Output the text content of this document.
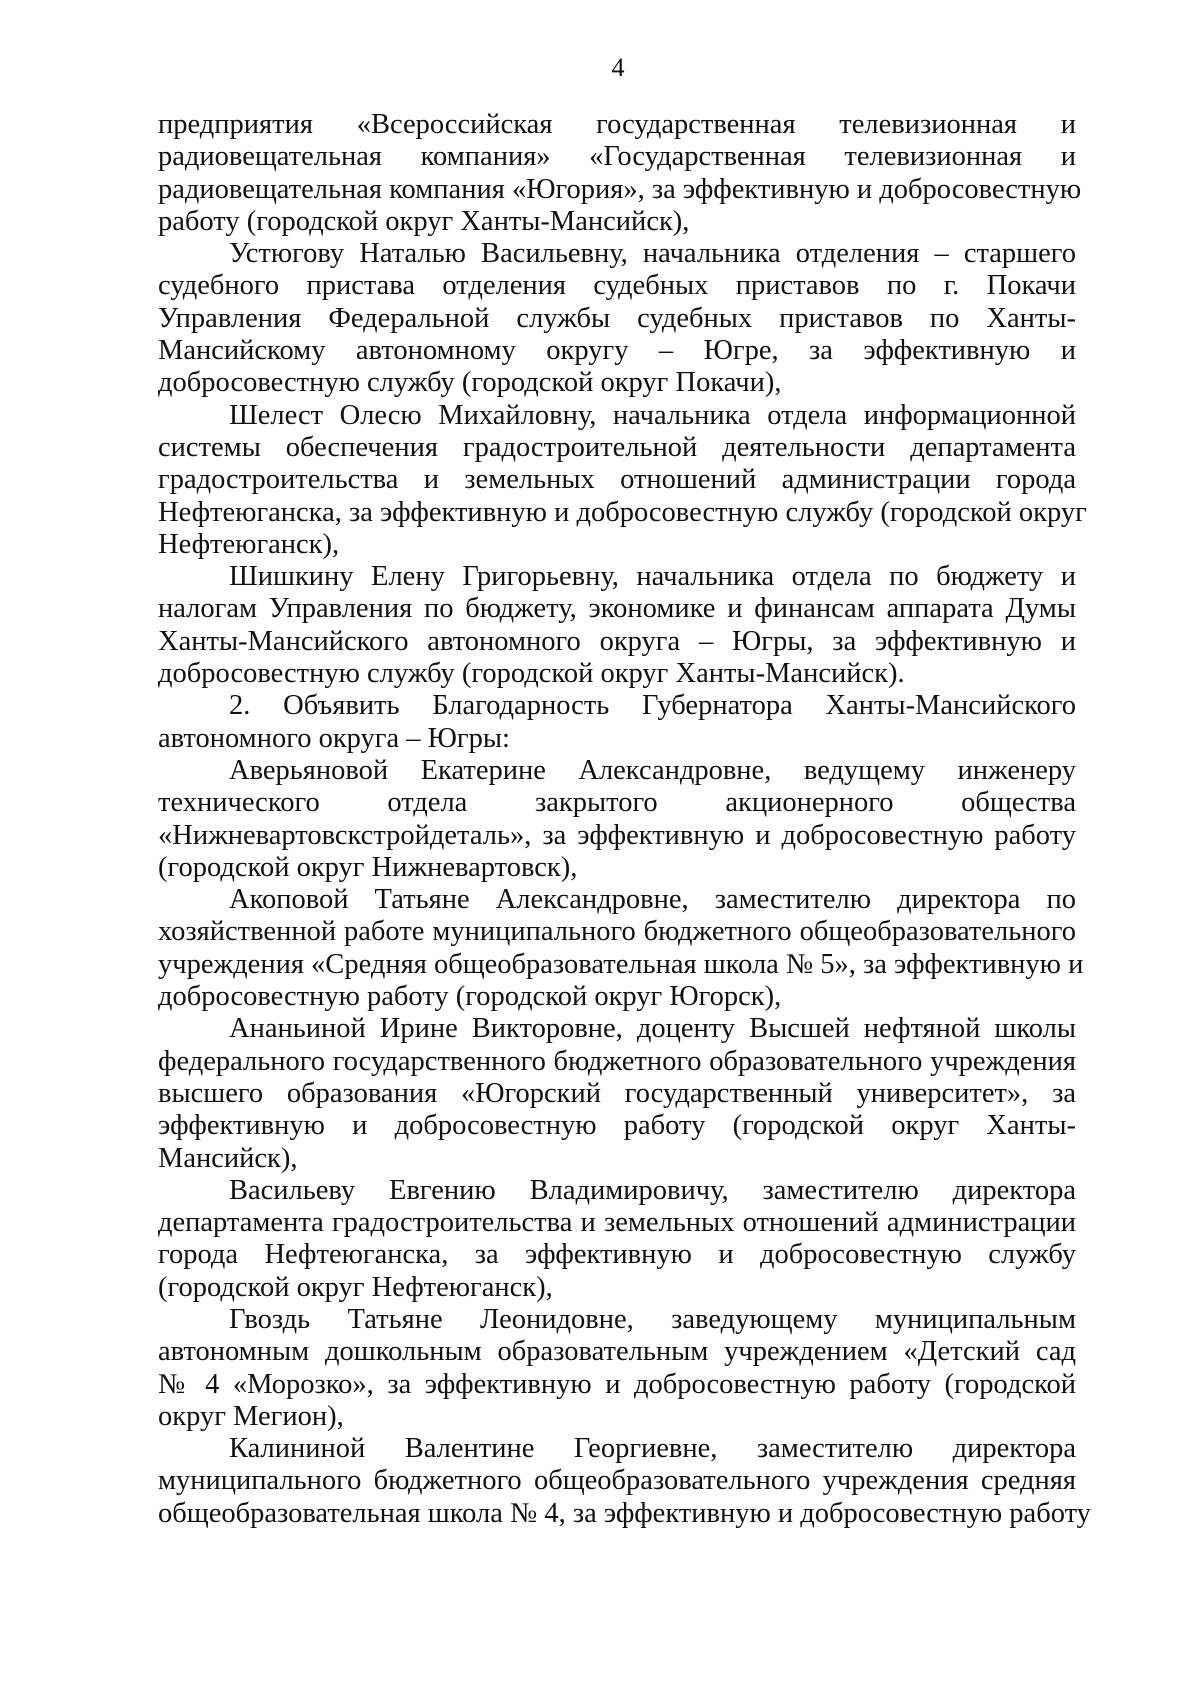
4
предприятия «Всероссийская государственная телевизионная и
радиовещательная компания» «Государственная телевизионная и
радиовещательная компания «Югория», за эффективную и добросовестную
работу (городской округ Ханты-Мансийск),
Устюгову Наталью Васильевну, начальника отделения – старшего
судебного пристава отделения судебных приставов по г. Покачи
Управления Федеральной службы судебных приставов по Ханты-
Мансийскому автономному округу – Югре, за эффективную и
добросовестную службу (городской округ Покачи),
Шелест Олесю Михайловну, начальника отдела информационной
системы обеспечения градостроительной деятельности департамента
градостроительства и земельных отношений администрации города
Нефтеюганска, за эффективную и добросовестную службу (городской округ
Нефтеюганск),
Шишкину Елену Григорьевну, начальника отдела по бюджету и
налогам Управления по бюджету, экономике и финансам аппарата Думы
Ханты-Мансийского автономного округа – Югры, за эффективную и
добросовестную службу (городской округ Ханты-Мансийск).
2. Объявить Благодарность Губернатора Ханты-Мансийского
автономного округа – Югры:
Аверьяновой Екатерине Александровне, ведущему инженеру
технического отдела закрытого акционерного общества
«Нижневартовскстройдеталь», за эффективную и добросовестную работу
(городской округ Нижневартовск),
Акоповой Татьяне Александровне, заместителю директора по
хозяйственной работе муниципального бюджетного общеобразовательного
учреждения «Средняя общеобразовательная школа № 5», за эффективную и
добросовестную работу (городской округ Югорск),
Ананьиной Ирине Викторовне, доценту Высшей нефтяной школы
федерального государственного бюджетного образовательного учреждения
высшего образования «Югорский государственный университет», за
эффективную и добросовестную работу (городской округ Ханты-
Мансийск),
Васильеву Евгению Владимировичу, заместителю директора
департамента градостроительства и земельных отношений администрации
города Нефтеюганска, за эффективную и добросовестную службу
(городской округ Нефтеюганск),
Гвоздь Татьяне Леонидовне, заведующему муниципальным
автономным дошкольным образовательным учреждением «Детский сад
№ 4 «Морозко», за эффективную и добросовестную работу (городской
округ Мегион),
Калининой Валентине Георгиевне, заместителю директора
муниципального бюджетного общеобразовательного учреждения средняя
общеобразовательная школа № 4, за эффективную и добросовестную работу
